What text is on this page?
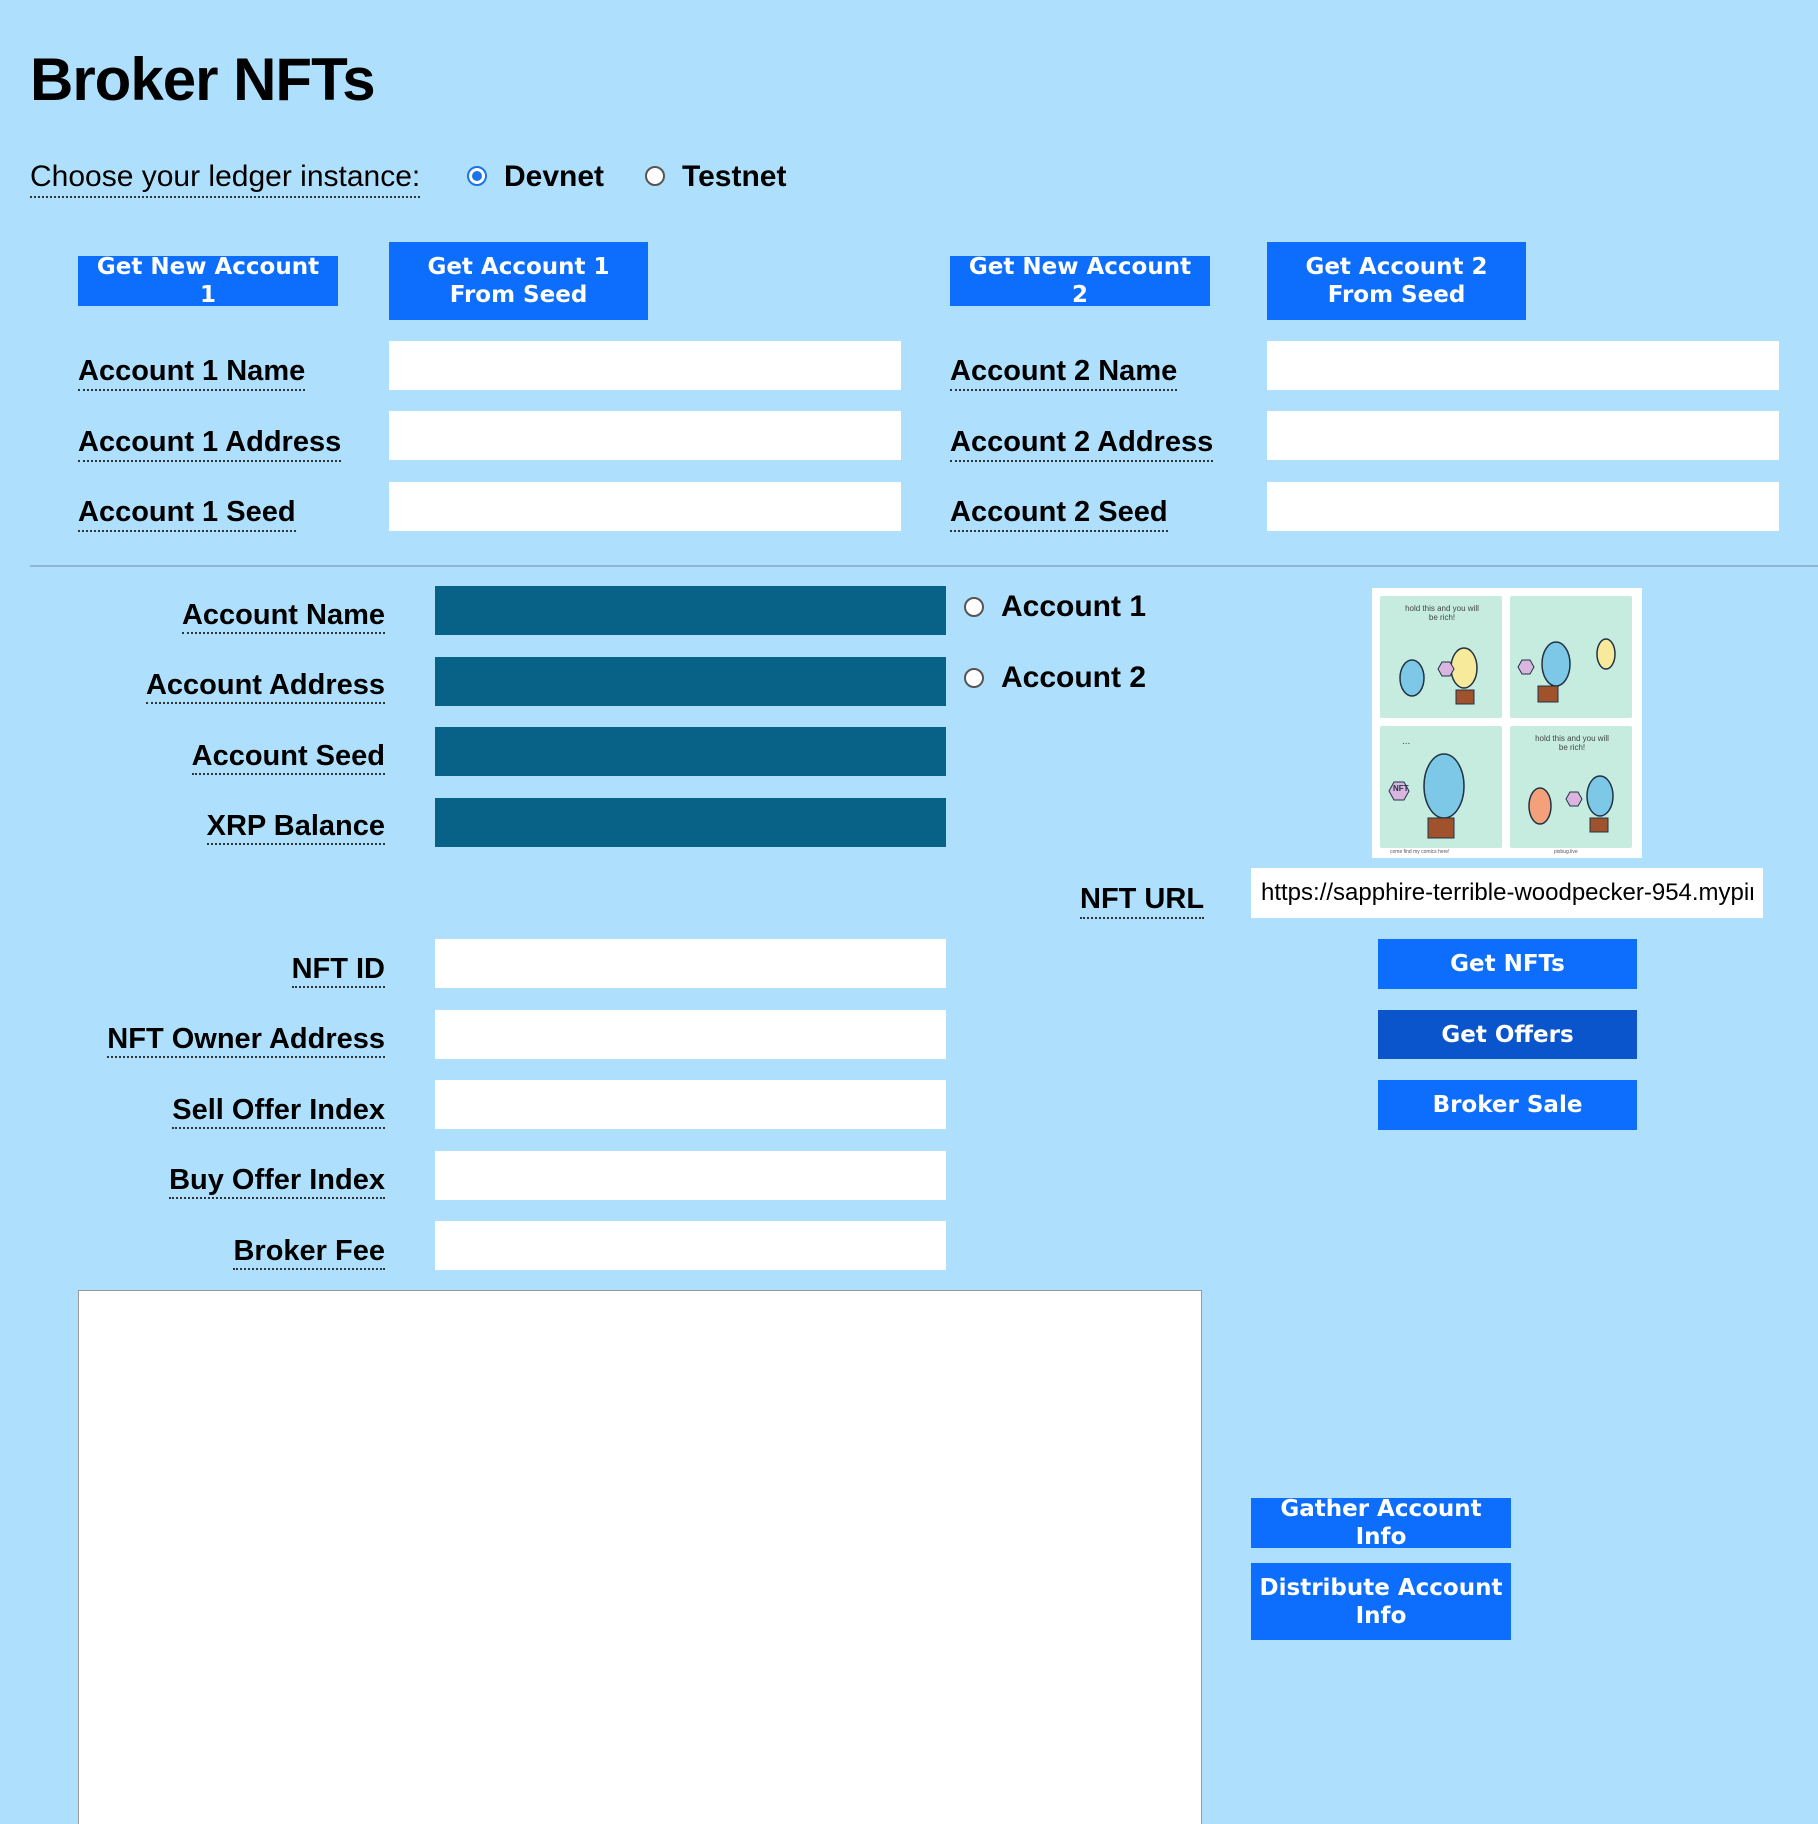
Broker NFTs
Choose your ledger instance:	Devnet	Testnet
Get New Account 1
Get Account 1 From Seed
Account 1 Name
Account 1 Address
Account 1 Seed
Get New Account 2
Get Account 2 From Seed
Account 2 Name
Account 2 Address
Account 2 Seed
Account Name
Account Address
Account Seed
XRP Balance
Account 1
Account 2
hold this and you will be rich!
...
NFT
hold this and you will be rich!
come find my comics here!	pixbug.live
NFT URL
https://sapphire-terrible-woodpecker-954.mypinata.cloud/ipfs/
NFT ID
NFT Owner Address
Sell Offer Index
Buy Offer Index
Broker Fee
Get NFTs
Get Offers
Broker Sale
Gather Account Info
Distribute Account Info
